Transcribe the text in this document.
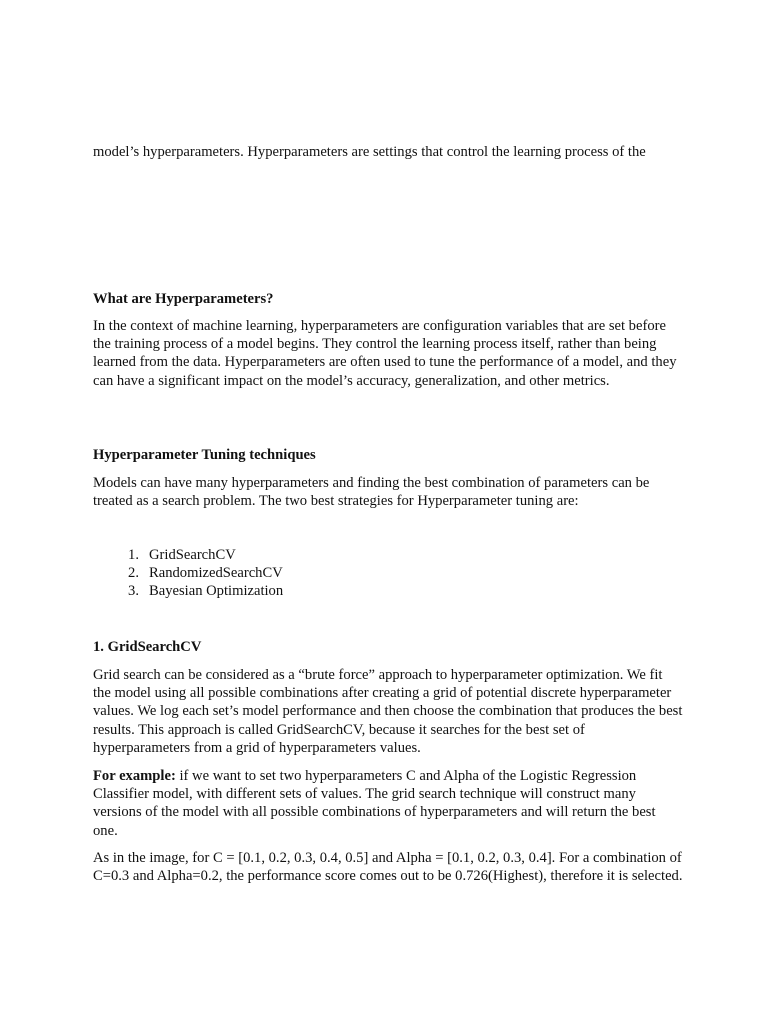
model’s hyperparameters. Hyperparameters are settings that control the learning process of the

What are Hyperparameters?

In the context of machine learning, hyperparameters are configuration variables that are set before the training process of a model begins. They control the learning process itself, rather than being learned from the data. Hyperparameters are often used to tune the performance of a model, and they can have a significant impact on the model’s accuracy, generalization, and other metrics.

Hyperparameter Tuning techniques

Models can have many hyperparameters and finding the best combination of parameters can be treated as a search problem. The two best strategies for Hyperparameter tuning are:

1. GridSearchCV
2. RandomizedSearchCV
3. Bayesian Optimization

1. GridSearchCV

Grid search can be considered as a “brute force” approach to hyperparameter optimization. We fit the model using all possible combinations after creating a grid of potential discrete hyperparameter values. We log each set’s model performance and then choose the combination that produces the best results. This approach is called GridSearchCV, because it searches for the best set of hyperparameters from a grid of hyperparameters values.

For example: if we want to set two hyperparameters C and Alpha of the Logistic Regression Classifier model, with different sets of values. The grid search technique will construct many versions of the model with all possible combinations of hyperparameters and will return the best one.

As in the image, for C = [0.1, 0.2, 0.3, 0.4, 0.5] and Alpha = [0.1, 0.2, 0.3, 0.4]. For a combination of C=0.3 and Alpha=0.2, the performance score comes out to be 0.726(Highest), therefore it is selected.
